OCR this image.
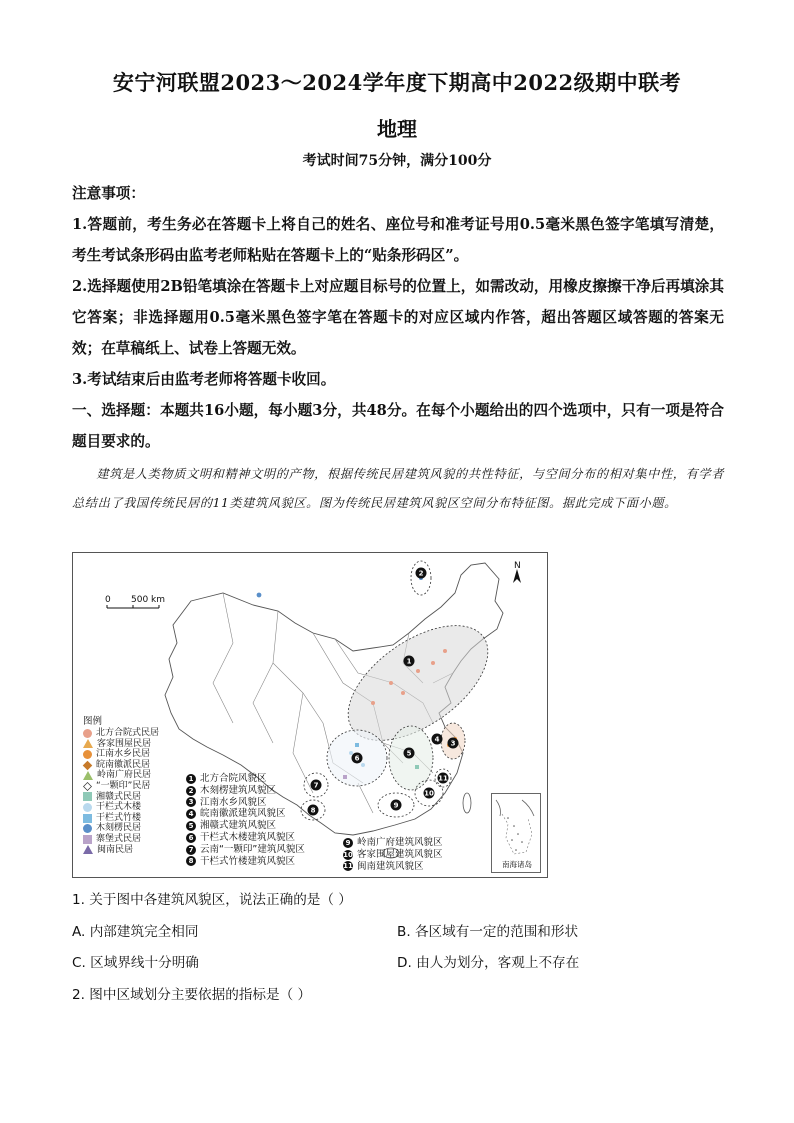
安宁河联盟2023～2024学年度下期高中2022级期中联考
地理
考试时间75分钟，满分100分
注意事项：
1.答题前，考生务必在答题卡上将自己的姓名、座位号和准考证号用0.5毫米黑色签字笔填写清楚，考生考试条形码由监考老师粘贴在答题卡上的“贴条形码区”。
2.选择题使用2B铅笔填涂在答题卡上对应题目标号的位置上，如需改动，用橡皮擦擦干净后再填涂其它答案；非选择题用0.5毫米黑色签字笔在答题卡的对应区域内作答，超出答题区域答题的答案无效；在草稿纸上、试卷上答题无效。
3.考试结束后由监考老师将答题卡收回。
一、选择题：本题共16小题，每小题3分，共48分。在每个小题给出的四个选项中，只有一项是符合题目要求的。
建筑是人类物质文明和精神文明的产物，根据传统民居建筑风貌的共性特征，与空间分布的相对集中性，有学者总结出了我国传统民居的11类建筑风貌区。图为传统民居建筑风貌区空间分布特征图。据此完成下面小题。
1
2
3
4
5
6
7
8
9
10
11
0 500 km
N
图例
北方合院式民居
客家围屋民居
江南水乡民居
皖南徽派民居
岭南广府民居
“一颗印”民居
湘赣式民居
干栏式木楼
干栏式竹楼
木刻楞民居
寨堡式民居
闽南民居
1 北方合院风貌区
2 木刻楞建筑风貌区
3 江南水乡风貌区
4 皖南徽派建筑风貌区
5 湘赣式建筑风貌区
6 干栏式木楼建筑风貌区
7 云南“一颗印”建筑风貌区
8 干栏式竹楼建筑风貌区
9 岭南广府建筑风貌区
10 客家围屋建筑风貌区
11 闽南建筑风貌区	南海诸岛
1. 关于图中各建筑风貌区，说法正确的是（ ）
A. 内部建筑完全相同	B. 各区域有一定的范围和形状
C. 区域界线十分明确	D. 由人为划分，客观上不存在
2. 图中区域划分主要依据的指标是（ ）
